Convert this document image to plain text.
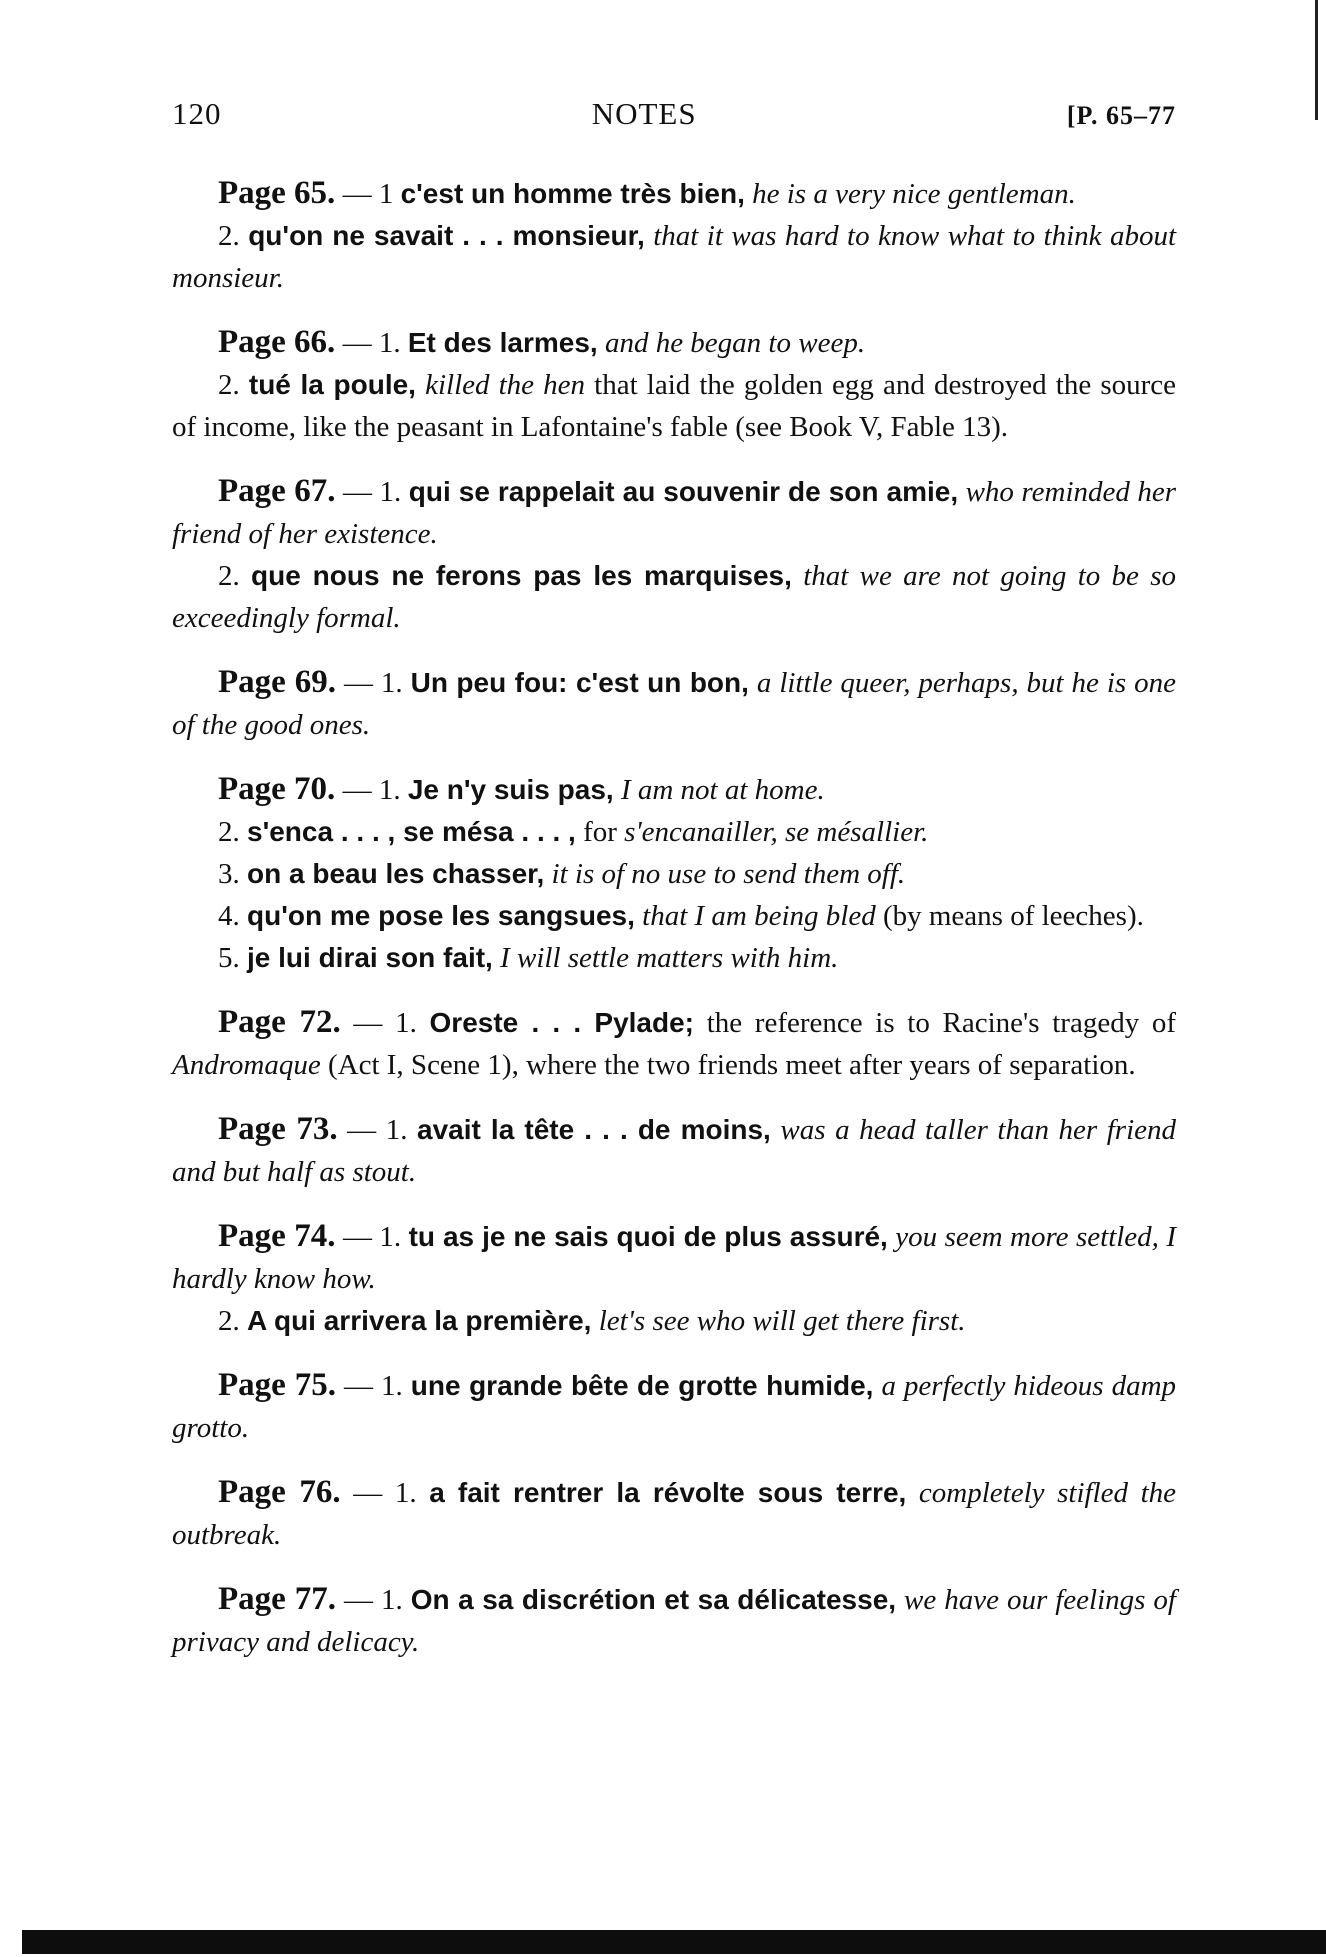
120	NOTES	[P. 65–77

Page 65. — 1 c'est un homme très bien, he is a very nice gentleman.

2. qu'on ne savait . . . monsieur, that it was hard to know what to think about monsieur.

Page 66. — 1. Et des larmes, and he began to weep.

2. tué la poule, killed the hen that laid the golden egg and destroyed the source of income, like the peasant in Lafontaine's fable (see Book V, Fable 13).

Page 67. — 1. qui se rappelait au souvenir de son amie, who reminded her friend of her existence.

2. que nous ne ferons pas les marquises, that we are not going to be so exceedingly formal.

Page 69. — 1. Un peu fou: c'est un bon, a little queer, perhaps, but he is one of the good ones.

Page 70. — 1. Je n'y suis pas, I am not at home.

2. s'enca . . . , se mésa . . . , for s'encanailler, se mésallier.

3. on a beau les chasser, it is of no use to send them off.

4. qu'on me pose les sangsues, that I am being bled (by means of leeches).

5. je lui dirai son fait, I will settle matters with him.

Page 72. — 1. Oreste . . . Pylade; the reference is to Racine's tragedy of Andromaque (Act I, Scene 1), where the two friends meet after years of separation.

Page 73. — 1. avait la tête . . . de moins, was a head taller than her friend and but half as stout.

Page 74. — 1. tu as je ne sais quoi de plus assuré, you seem more settled, I hardly know how.

2. A qui arrivera la première, let's see who will get there first.

Page 75. — 1. une grande bête de grotte humide, a perfectly hideous damp grotto.

Page 76. — 1. a fait rentrer la révolte sous terre, completely stifled the outbreak.

Page 77. — 1. On a sa discrétion et sa délicatesse, we have our feelings of privacy and delicacy.
